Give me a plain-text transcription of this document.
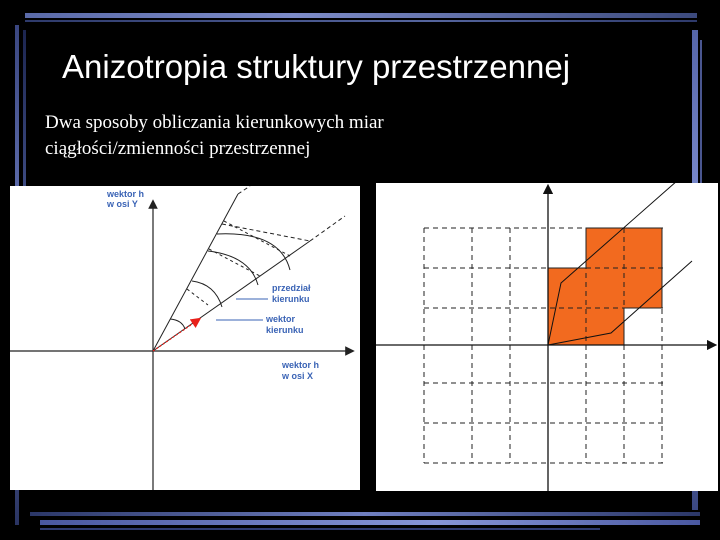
Anizotropia struktury przestrzennej
Dwa sposoby obliczania kierunkowych miar
ciągłości/zmienności przestrzennej
wektor h
w osi Y
przedział
kierunku
wektor
kierunku
wektor h
w osi X
